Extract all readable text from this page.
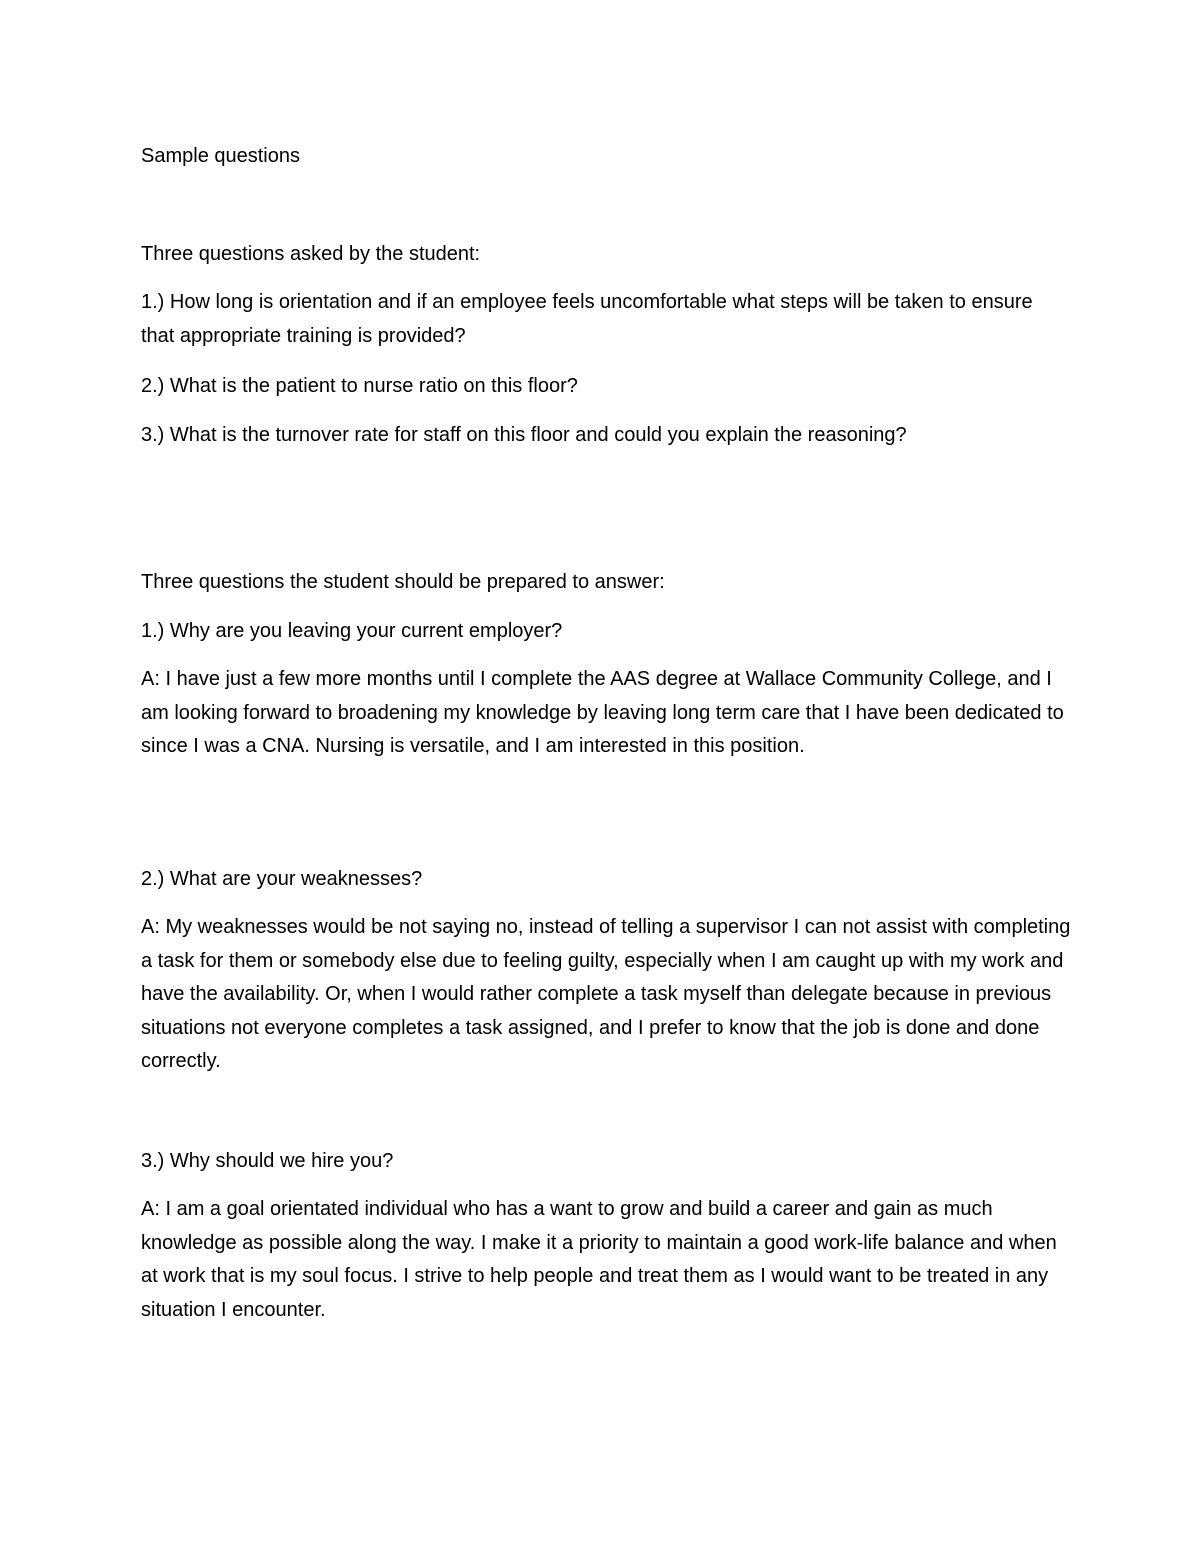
Sample questions

Three questions asked by the student:

1.) How long is orientation and if an employee feels uncomfortable what steps will be taken to ensure that appropriate training is provided?

2.) What is the patient to nurse ratio on this floor?

3.) What is the turnover rate for staff on this floor and could you explain the reasoning?

Three questions the student should be prepared to answer:

1.) Why are you leaving your current employer?

A: I have just a few more months until I complete the AAS degree at Wallace Community College, and I am looking forward to broadening my knowledge by leaving long term care that I have been dedicated to since I was a CNA. Nursing is versatile, and I am interested in this position.

2.) What are your weaknesses?

A: My weaknesses would be not saying no, instead of telling a supervisor I can not assist with completing a task for them or somebody else due to feeling guilty, especially when I am caught up with my work and have the availability. Or, when I would rather complete a task myself than delegate because in previous situations not everyone completes a task assigned, and I prefer to know that the job is done and done correctly.

3.) Why should we hire you?

A: I am a goal orientated individual who has a want to grow and build a career and gain as much knowledge as possible along the way. I make it a priority to maintain a good work-life balance and when at work that is my soul focus. I strive to help people and treat them as I would want to be treated in any situation I encounter.
